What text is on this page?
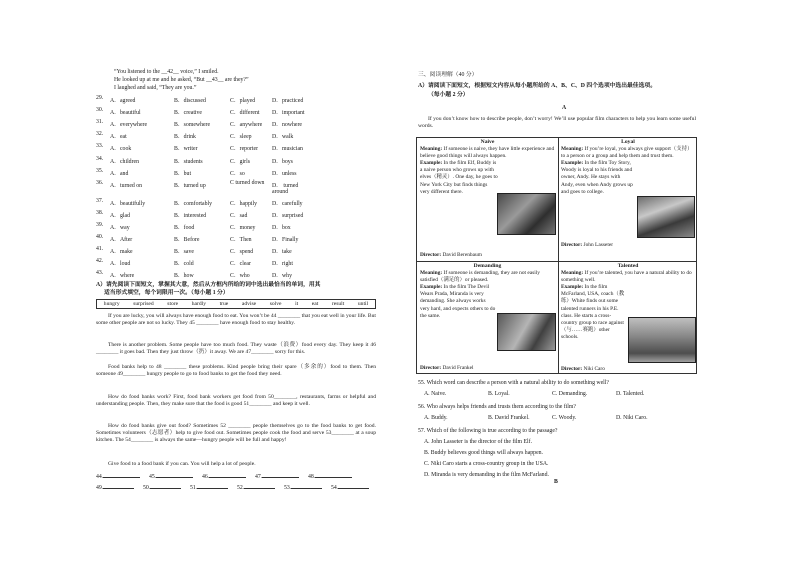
“You listened to the __42__ voice,” I smiled.
He looked up at me and he asked, “But __43__ are they?”
I laughed and said, “They are you.”
29. A．agreed	B．discussed	C．played	D．practiced
30. A．beautiful	B．creative	C．different D．important
31. A．everywhere	B．somewhere	C．anywhere D．nowhere
32. A．eat	B．drink	C．sleep	D．walk
33. A．cook	B．writer	C．reporter D．musician
34. A．children	B．students	C．girls	D．boys
35. A．and	B．but	C．so	D．unless
36. A．turned on	B．turned up	C turned down D． turned around
37. A．beautifully	B．comfortably	C．happily	D．carefully
38. A．glad	B．interested	C．sad	D．surprised
39. A．way	B．food	C．money	D．box
40. A．After	B．Before	C．Then	D．Finally
41. A．make	B．save	C．spend	D．take
42. A．loud	B．cold	C．clear	D．right
43. A．where	B．how	C．who	D．why
A）请先阅读下面短文，掌握其大意，然后从方框内所给的词中选出最恰当的单词，用其
适当形式填空，每个词限用一次。（每小题 1 分）
hungry surprised store hardly true advise solve it eat result until
If you are lucky, you will always have enough food to eat. You won’t be 44 ________ that you eat well in your life. But some other people are not so lucky. They 45 ________ have enough food to stay healthy.
There is another problem. Some people have too much food. They waste（浪费）food every day. They keep it 46 ________ it goes bad. Then they just throw（扔）it away. We are 47________ sorry for this.
Food banks help to 48 ________ these problems. Kind people bring their spare（多余的）food to them. Then someone 49________ hungry people to go to food banks to get the food they need.
How do food banks work? First, food bank workers get food from 50________, restaurants, farms or helpful and understanding people. Then, they make sure that the food is good 51________ and keep it well.
How do food banks give out food? Sometimes 52 ________ people themselves go to the food banks to get food. Sometimes volunteers（志愿者）help to give food out. Sometimes people cook the food and serve 53________ at a soup kitchen. The 54________ is always the same—hungry people will be full and happy!
Give food to a food bank if you can. You will help a lot of people.
44.	45.	46.	47.	48.
49.	50.	51.	52.	53.	54.
三、阅读理解（40 分）
A）请阅读下面短文，根据短文内容从每小题所给的 A、B、C、D 四个选项中选出最佳选项。
（每小题 2 分）
A
If you don’t know how to describe people, don’t worry! We’ll use popular film characters to help you learn some useful words.
Naive
Meaning: If someone is naive, they have little experience and believe good things will always happen.
Example: In the film Elf, Buddy is a naive person who grows up with elves（精灵）. One day, he goes to New York City but finds things very different there.
Director: David Berenbaum
Loyal
Meaning: If you’re loyal, you always give support（支持）to a person or a group and help them and trust them.
Example: In the film Toy Story, Woody is loyal to his friends and owner, Andy. He stays with Andy, even when Andy grows up and goes to college.
Director: John Lasseter
Demanding
Meaning: If someone is demanding, they are not easily satisfied（满足的）or pleased.
Example: In the film The Devil Wears Prada, Miranda is very demanding. She always works very hard, and expects others to do the same.
Director: David Frankel
Talented
Meaning: If you’re talented, you have a natural ability to do something well.
Example: In the film McFarland, USA, coach（教练）White finds out some talented runners in his P.E. class. He starts a cross-country group to race against（与……赛跑）other schools.
Director: Niki Caro
55. Which word can describe a person with a natural ability to do something well?
A. Naive.	B. Loyal.	C. Demanding.	D. Talented.
56. Who always helps friends and trusts them according to the film?
A. Buddy.	B. David Frankel.	C. Woody.	D. Niki Caro.
57. Which of the following is true according to the passage?
A. John Lasseter is the director of the film Elf.
B. Buddy believes good things will always happen.
C. Niki Caro starts a cross-country group in the USA.
D. Miranda is very demanding in the film McFarland.
B
